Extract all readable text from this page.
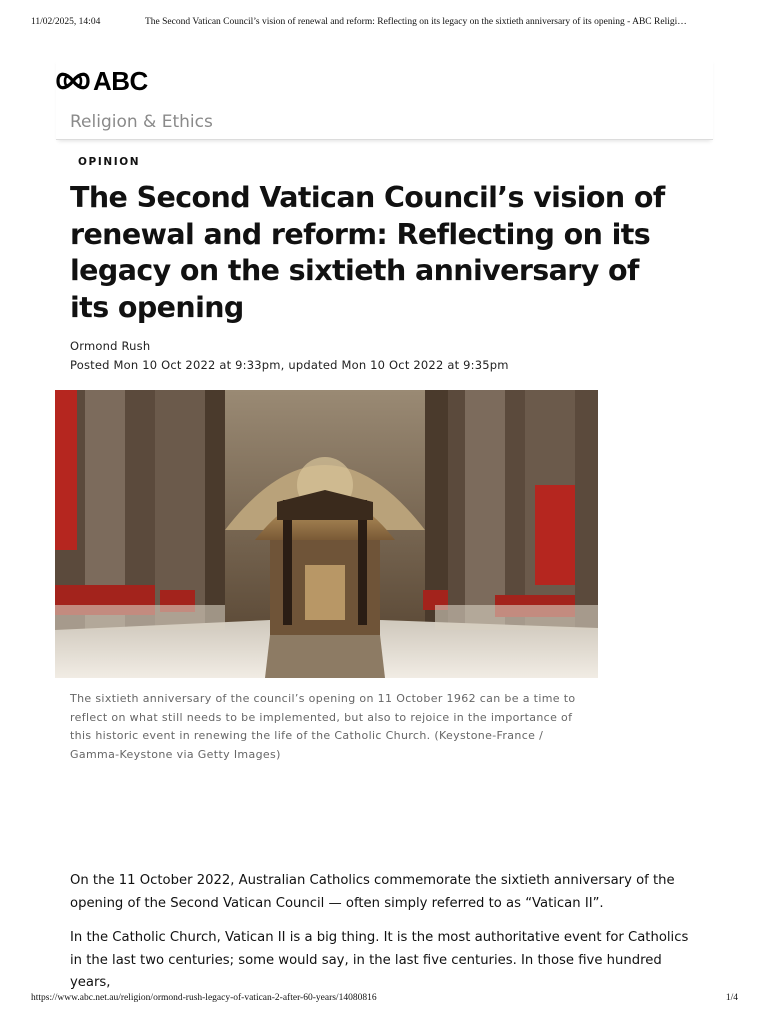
11/02/2025, 14:04	The Second Vatican Council’s vision of renewal and reform: Reflecting on its legacy on the sixtieth anniversary of its opening - ABC Religi…
ABC
Religion & Ethics
OPINION
The Second Vatican Council’s vision of renewal and reform: Reflecting on its legacy on the sixtieth anniversary of its opening
Ormond Rush
Posted Mon 10 Oct 2022 at 9:33pm, updated Mon 10 Oct 2022 at 9:35pm
The sixtieth anniversary of the council’s opening on 11 October 1962 can be a time to reflect on what still needs to be implemented, but also to rejoice in the importance of this historic event in renewing the life of the Catholic Church. (Keystone-France / Gamma-Keystone via Getty Images)

On the 11 October 2022, Australian Catholics commemorate the sixtieth anniversary of the opening of the Second Vatican Council — often simply referred to as “Vatican II”.

In the Catholic Church, Vatican II is a big thing. It is the most authoritative event for Catholics in the last two centuries; some would say, in the last five centuries. In those five hundred years,

https://www.abc.net.au/religion/ormond-rush-legacy-of-vatican-2-after-60-years/14080816	1/4
